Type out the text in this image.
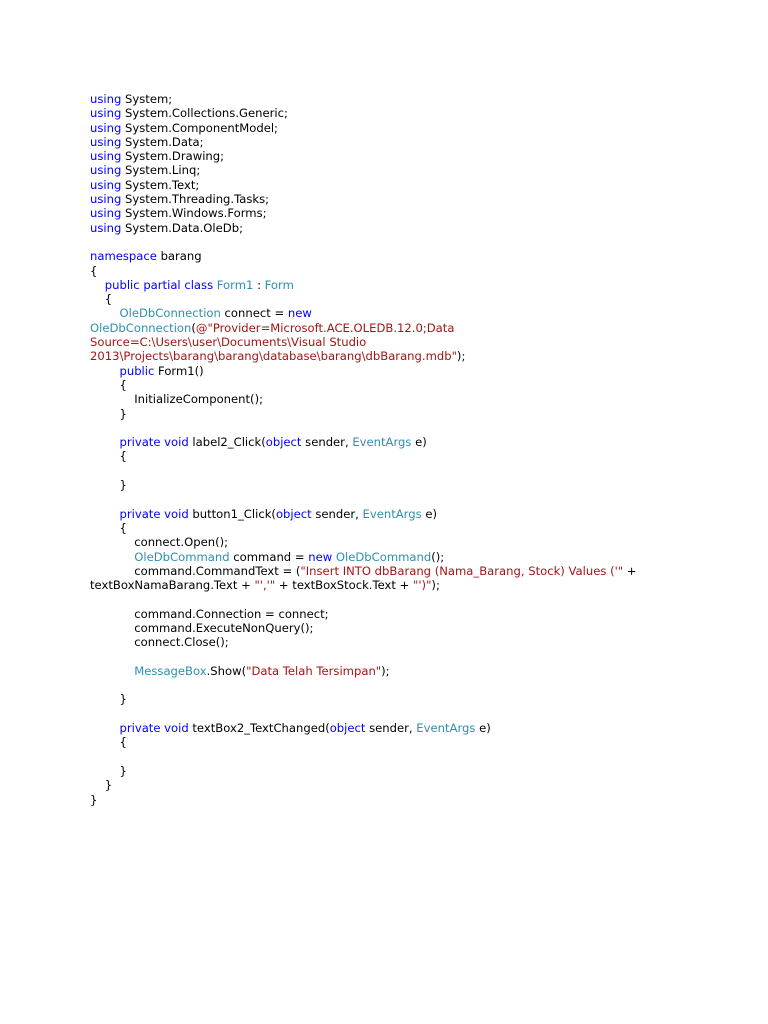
using System;
using System.Collections.Generic;
using System.ComponentModel;
using System.Data;
using System.Drawing;
using System.Linq;
using System.Text;
using System.Threading.Tasks;
using System.Windows.Forms;
using System.Data.OleDb;
namespace barang
{
public partial class Form1 : Form
{
OleDbConnection connect = new
OleDbConnection(@"Provider=Microsoft.ACE.OLEDB.12.0;Data
Source=C:\Users\user\Documents\Visual Studio
2013\Projects\barang\barang\database\barang\dbBarang.mdb");
public Form1()
{
InitializeComponent();
}
private void label2_Click(object sender, EventArgs e)
{
}
private void button1_Click(object sender, EventArgs e)
{
connect.Open();
OleDbCommand command = new OleDbCommand();
command.CommandText = ("Insert INTO dbBarang (Nama_Barang, Stock) Values ('" +
textBoxNamaBarang.Text + "','" + textBoxStock.Text + "')");
command.Connection = connect;
command.ExecuteNonQuery();
connect.Close();
MessageBox.Show("Data Telah Tersimpan");
}
private void textBox2_TextChanged(object sender, EventArgs e)
{
}
}
}
